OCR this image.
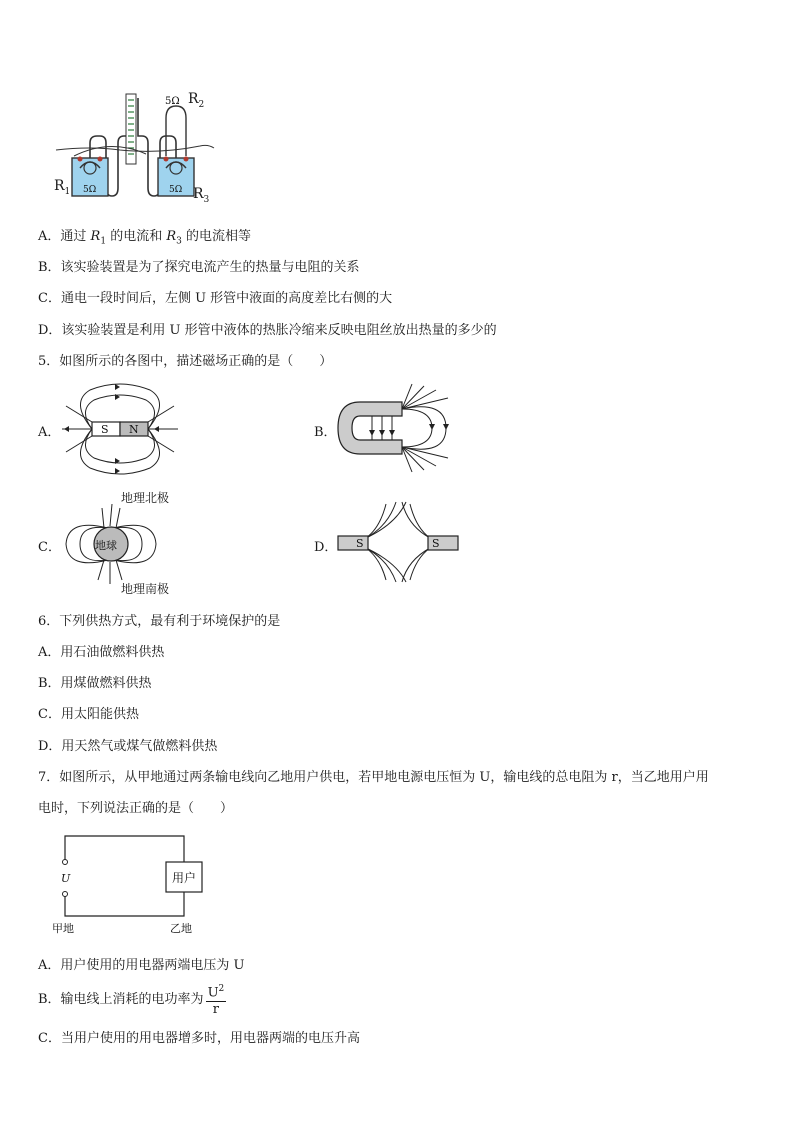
5Ω	5Ω
5Ω $R_2$
$R_1$	$R_3$
A．通过 $R_1$ 的电流和 $R_3$ 的电流相等
B．该实验装置是为了探究电流产生的热量与电阻的关系
C．通电一段时间后，左侧 U 形管中液面的高度差比右侧的大
D．该实验装置是利用 U 形管中液体的热胀冷缩来反映电阻丝放出热量的多少的
5．如图所示的各图中，描述磁场正确的是（　　）
A．	S N	B．
C．	地球
地理北极
地理南极
D． S	S
6．下列供热方式，最有利于环境保护的是
A．用石油做燃料供热
B．用煤做燃料供热
C．用太阳能供热
D．用天然气或煤气做燃料供热
7．如图所示，从甲地通过两条输电线向乙地用户供电，若甲地电源电压恒为 U，输电线的总电阻为 r，当乙地用户用
电时，下列说法正确的是（　　）
U	用户
甲地	乙地
A．用户使用的用电器两端电压为 U
B．输电线上消耗的电功率为 $\frac{U^2}{r}$
C．当用户使用的用电器增多时，用电器两端的电压升高
